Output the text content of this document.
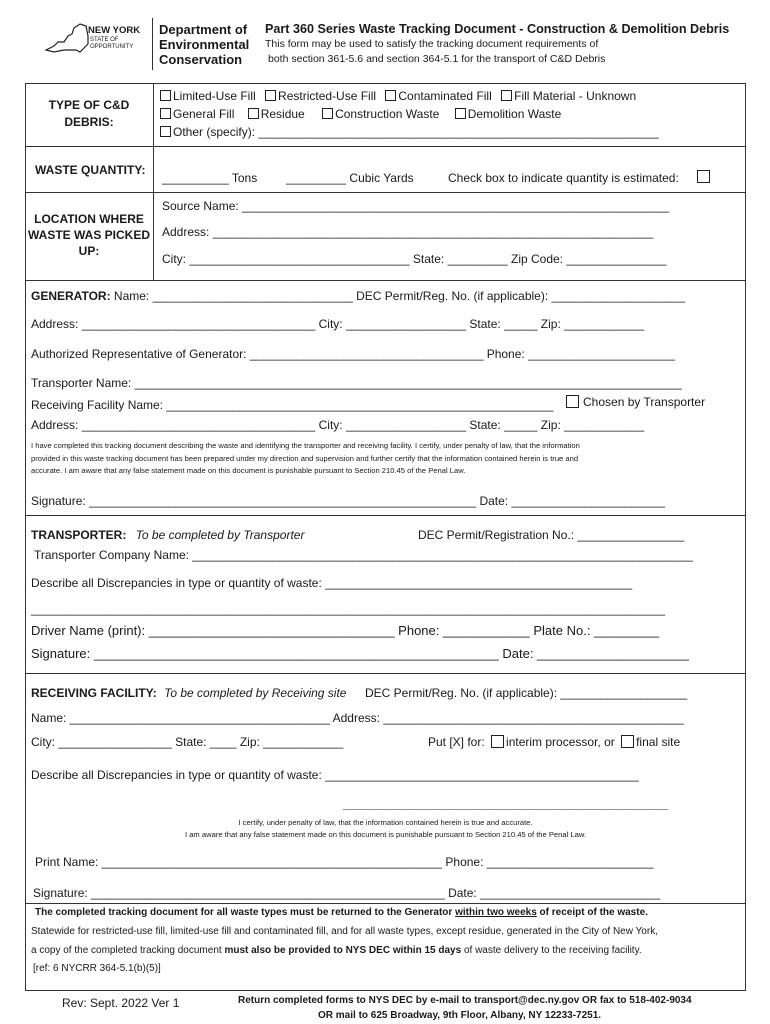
NEW YORK
STATE OF
OPPORTUNITY
Department of
Environmental
Conservation
Part 360 Series Waste Tracking Document - Construction & Demolition Debris
This form may be used to satisfy the tracking document requirements of
both section 361-5.6 and section 364-5.1 for the transport of C&D Debris
TYPE OF C&D
DEBRIS:
Limited-Use Fill Restricted-Use Fill Contaminated Fill Fill Material - Unknown
General Fill Residue	Construction Waste Demolition Waste
Other (specify): ____________________________________________________________
WASTE QUANTITY:
__________ Tons _________ Cubic Yards	Check box to indicate quantity is estimated:
LOCATION WHERE
WASTE WAS PICKED
UP:
Source Name: ________________________________________________________________
Address: __________________________________________________________________
City: _________________________________ State: _________ Zip Code: _______________
GENERATOR: Name: ______________________________ DEC Permit/Reg. No. (if applicable): ____________________
Address: ___________________________________ City: __________________ State: _____ Zip: ____________
Authorized Representative of Generator: ___________________________________ Phone: ______________________
Transporter Name: __________________________________________________________________________________
Receiving Facility Name: __________________________________________________________ Chosen by Transporter
Address: ___________________________________ City: __________________ State: _____ Zip: ____________
I have completed this tracking document describing the waste and identifying the transporter and receiving facility. I certify, under penalty of law, that the information
provided in this waste tracking document has been prepared under my direction and supervision and further certify that the information contained herein is true and
accurate. I am aware that any false statement made on this document is punishable pursuant to Section 210.45 of the Penal Law.
Signature: __________________________________________________________ Date: _______________________
TRANSPORTER: To be completed by Transporter	DEC Permit/Registration No.: ________________
Transporter Company Name: ___________________________________________________________________________
Describe all Discrepancies in type or quantity of waste: ______________________________________________
_______________________________________________________________________________________________
Driver Name (print): __________________________________ Phone: ____________ Plate No.: _________
Signature: ________________________________________________________ Date: _____________________
RECEIVING FACILITY: To be completed by Receiving site DEC Permit/Reg. No. (if applicable): ___________________
Name: _______________________________________ Address: _____________________________________________
City: _________________ State: ____ Zip: ____________	Put [X] for: interim processor, or final site
Describe all Discrepancies in type or quantity of waste: _______________________________________________
_____________________________________________________________________________
I certify, under penalty of law, that the information contained herein is true and accurate.
I am aware that any false statement made on this document is punishable pursuant to Section 210.45 of the Penal Law.
Print Name: ___________________________________________________ Phone: _________________________
Signature: _____________________________________________________ Date: ___________________________
The completed tracking document for all waste types must be returned to the Generator within two weeks of receipt of the waste.
Statewide for restricted-use fill, limited-use fill and contaminated fill, and for all waste types, except residue, generated in the City of New York,
a copy of the completed tracking document must also be provided to NYS DEC within 15 days of waste delivery to the receiving facility.
[ref: 6 NYCRR 364-5.1(b)(5)]
Rev: Sept. 2022 Ver 1	Return completed forms to NYS DEC by e-mail to transport@dec.ny.gov OR fax to 518-402-9034
OR mail to 625 Broadway, 9th Floor, Albany, NY 12233-7251.
